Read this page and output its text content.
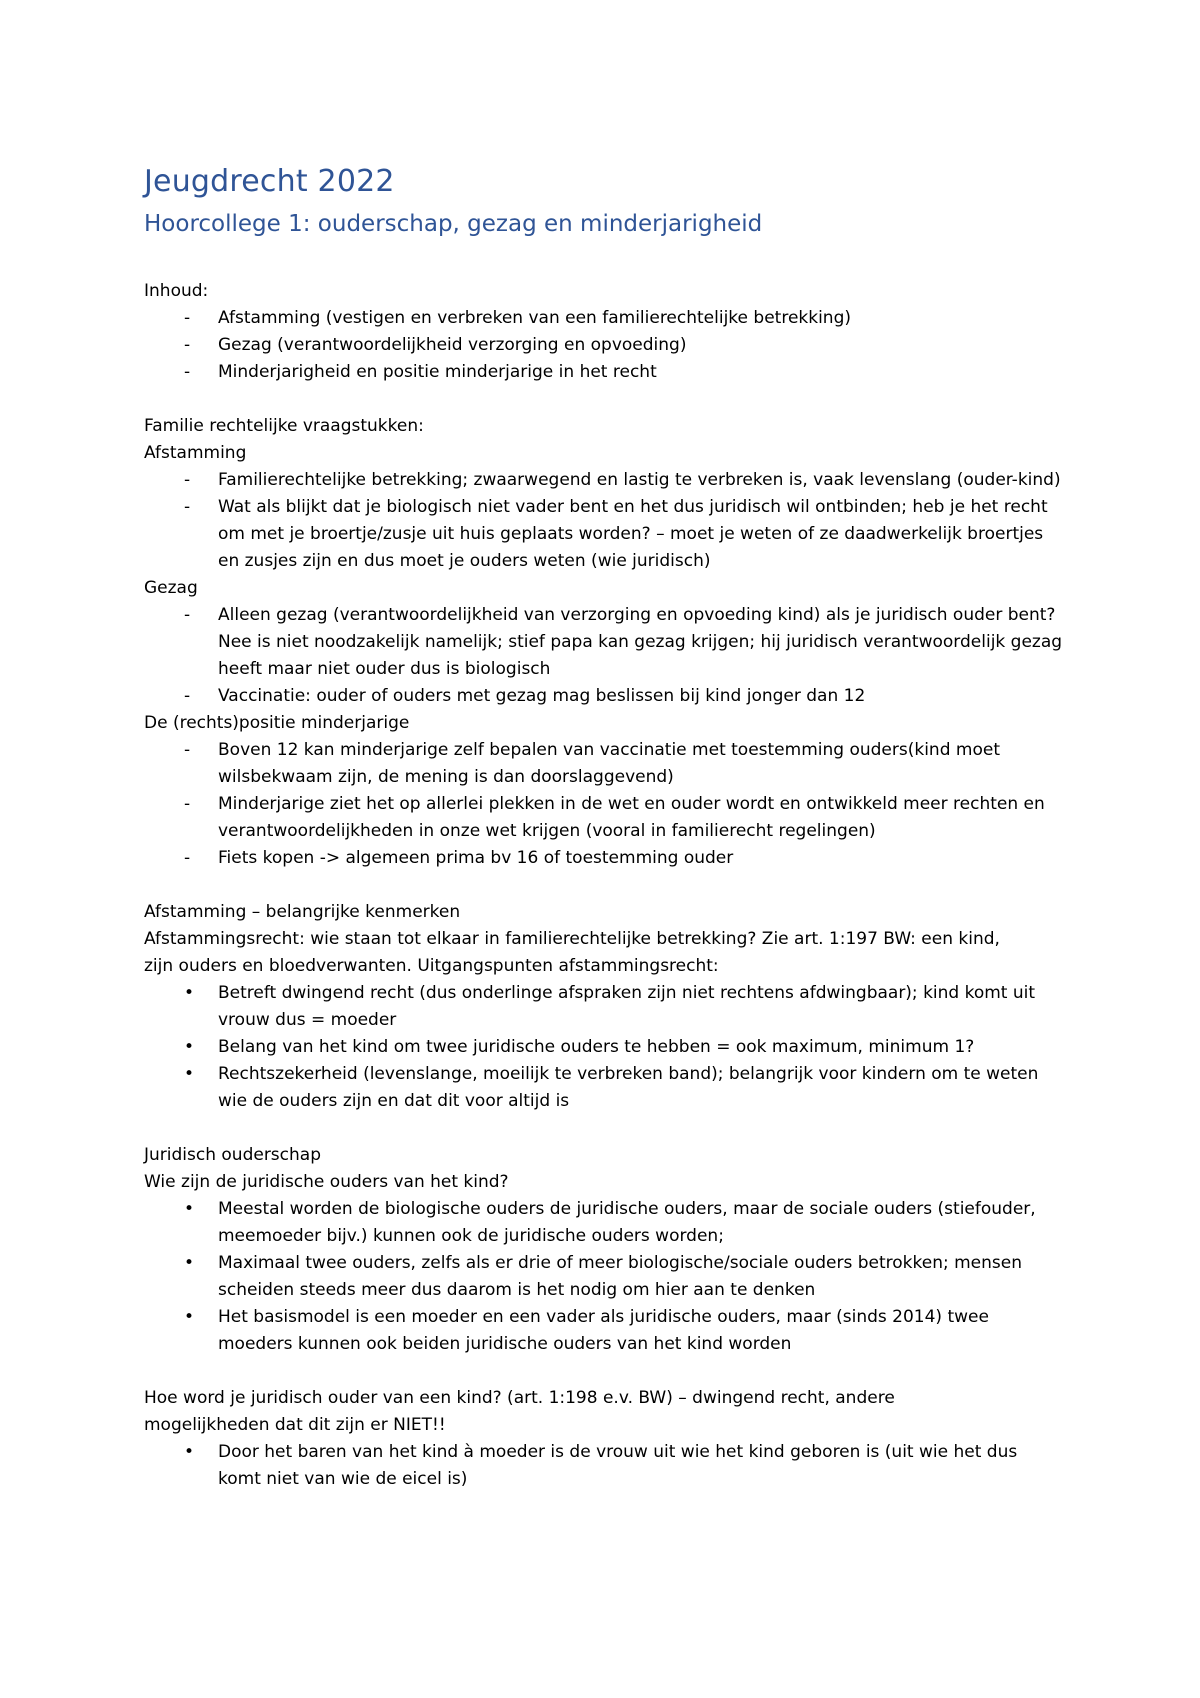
Jeugdrecht 2022
Hoorcollege 1: ouderschap, gezag en minderjarigheid

Inhoud:

-	Afstamming (vestigen en verbreken van een familierechtelijke betrekking)
-	Gezag (verantwoordelijkheid verzorging en opvoeding)
-	Minderjarigheid en positie minderjarige in het recht

Familie rechtelijke vraagstukken:

Afstamming

-	Familierechtelijke betrekking; zwaarwegend en lastig te verbreken is, vaak levenslang (ouder-kind)
-	Wat als blijkt dat je biologisch niet vader bent en het dus juridisch wil ontbinden; heb je het recht om met je broertje/zusje uit huis geplaats worden? – moet je weten of ze daadwerkelijk broertjes en zusjes zijn en dus moet je ouders weten (wie juridisch)

Gezag

-	Alleen gezag (verantwoordelijkheid van verzorging en opvoeding kind) als je juridisch ouder bent? Nee is niet noodzakelijk namelijk; stief papa kan gezag krijgen; hij juridisch verantwoordelijk gezag heeft maar niet ouder dus is biologisch
-	Vaccinatie: ouder of ouders met gezag mag beslissen bij kind jonger dan 12

De (rechts)positie minderjarige

-	Boven 12 kan minderjarige zelf bepalen van vaccinatie met toestemming ouders(kind moet wilsbekwaam zijn, de mening is dan doorslaggevend)
-	Minderjarige ziet het op allerlei plekken in de wet en ouder wordt en ontwikkeld meer rechten en verantwoordelijkheden in onze wet krijgen (vooral in familierecht regelingen)
-	Fiets kopen -> algemeen prima bv 16 of toestemming ouder

Afstamming – belangrijke kenmerken

Afstammingsrecht: wie staan tot elkaar in familierechtelijke betrekking? Zie art. 1:197 BW: een kind,

zijn ouders en bloedverwanten. Uitgangspunten afstammingsrecht:

•	Betreft dwingend recht (dus onderlinge afspraken zijn niet rechtens afdwingbaar); kind komt uit vrouw dus = moeder
•	Belang van het kind om twee juridische ouders te hebben = ook maximum, minimum 1?
•	Rechtszekerheid (levenslange, moeilijk te verbreken band); belangrijk voor kindern om te weten wie de ouders zijn en dat dit voor altijd is

Juridisch ouderschap

Wie zijn de juridische ouders van het kind?

•	Meestal worden de biologische ouders de juridische ouders, maar de sociale ouders (stiefouder, meemoeder bijv.) kunnen ook de juridische ouders worden;
•	Maximaal twee ouders, zelfs als er drie of meer biologische/sociale ouders betrokken; mensen scheiden steeds meer dus daarom is het nodig om hier aan te denken
•	Het basismodel is een moeder en een vader als juridische ouders, maar (sinds 2014) twee moeders kunnen ook beiden juridische ouders van het kind worden

Hoe word je juridisch ouder van een kind? (art. 1:198 e.v. BW) – dwingend recht, andere

mogelijkheden dat dit zijn er NIET!!

•	Door het baren van het kind à moeder is de vrouw uit wie het kind geboren is (uit wie het dus komt niet van wie de eicel is)
